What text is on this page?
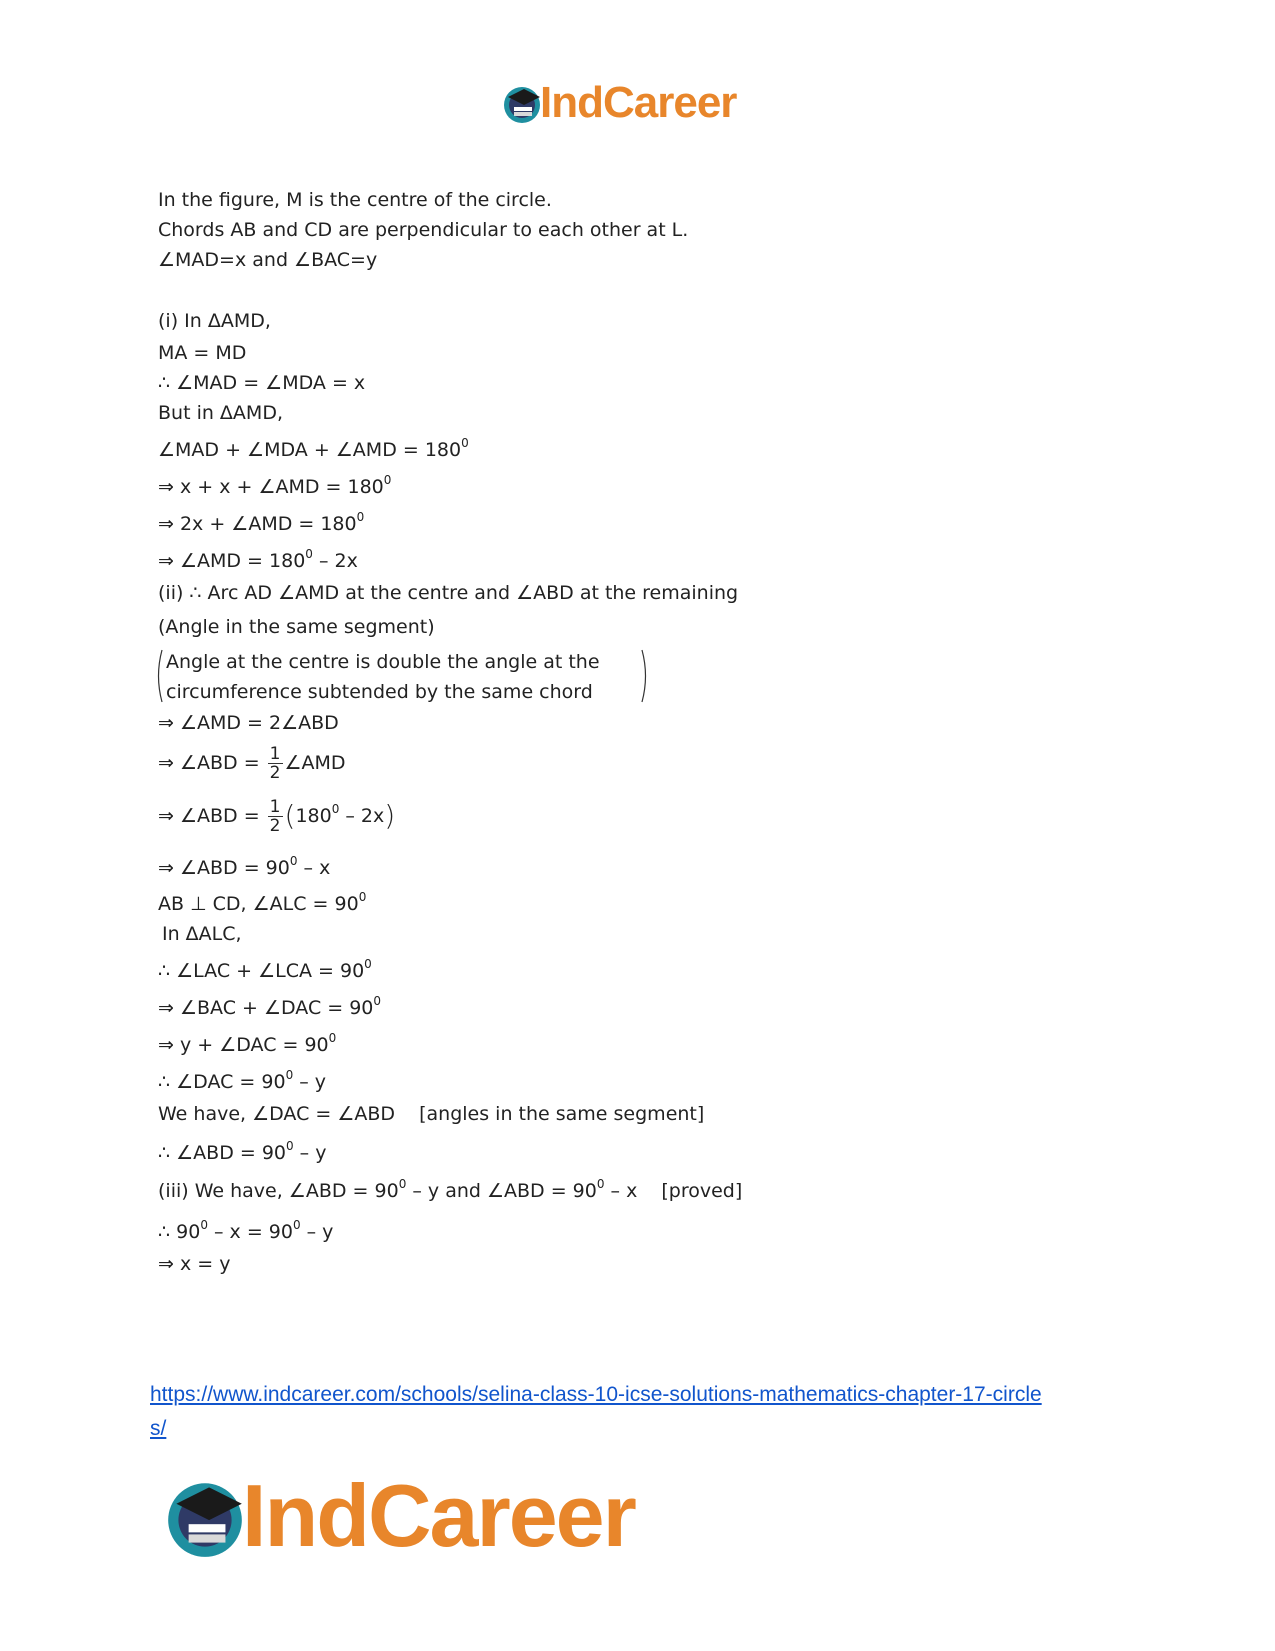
IndCareer
In the figure, M is the centre of the circle.
Chords AB and CD are perpendicular to each other at L.
∠MAD=x and ∠BAC=y
(i) In ΔAMD,
MA = MD
∴ ∠MAD = ∠MDA = x
But in ΔAMD,
∠MAD + ∠MDA + ∠AMD = $180^0$
⇒ x + x + ∠AMD = $180^0$
⇒ 2x + ∠AMD = $180^0$
⇒ ∠AMD = $180^0 - 2x$
(ii) ∴ Arc AD ∠AMD at the centre and ∠ABD at the remaining
(Angle in the same segment)
Angle at the centre is double the angle at the
circumference subtended by the same chord
⇒ ∠AMD = 2∠ABD
⇒ ∠ABD = $\frac{1}{2}$ ∠AMD
⇒ ∠ABD = $\frac{1}{2} (180^0 - 2x)$
⇒ ∠ABD = $90^0$ – x
AB ⊥ CD, ∠ALC = $90^0$
In ΔALC,
∴ ∠LAC + ∠LCA = $90^0$
⇒ ∠BAC + ∠DAC = $90^0$
⇒ y + ∠DAC = $90^0$
∴ ∠DAC = $90^0$ – y
We have, ∠DAC = ∠ABD [angles in the same segment]
∴ ∠ABD = $90^0$ – y
(iii) We have, ∠ABD = $90^0$ – y and ∠ABD = $90^0$ – x [proved]
∴ $90^0 - x = 90^0 - y$
⇒ x = y
https://www.indcareer.com/schools/selina-class-10-icse-solutions-mathematics-chapter-17-circle
s/
IndCareer
